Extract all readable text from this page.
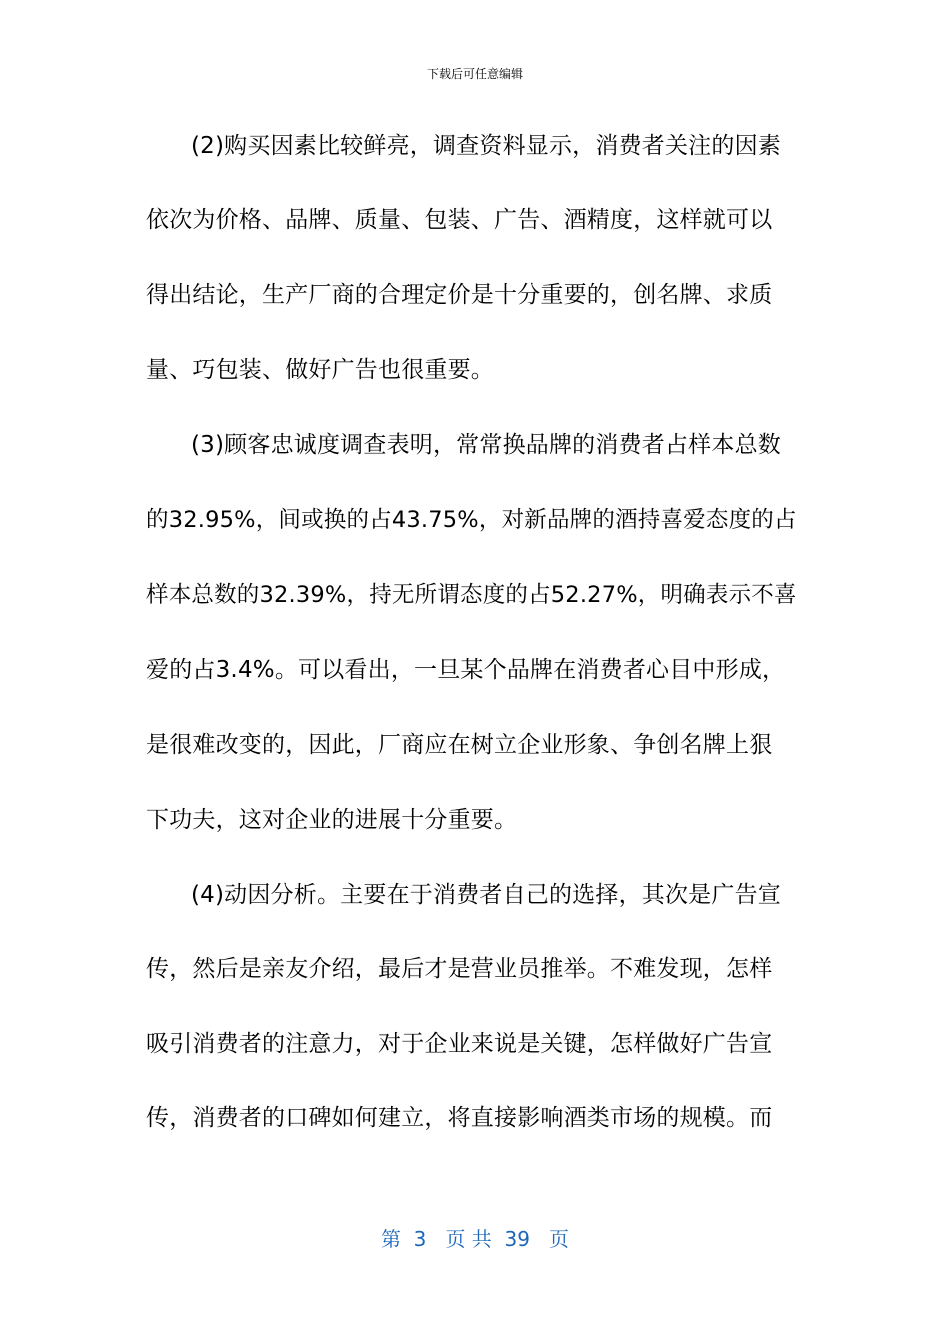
下载后可任意编辑
(2)购买因素比较鲜亮，调查资料显示，消费者关注的因素
依次为价格、品牌、质量、包装、广告、酒精度，这样就可以
得出结论，生产厂商的合理定价是十分重要的，创名牌、求质
量、巧包装、做好广告也很重要。
(3)顾客忠诚度调查表明，常常换品牌的消费者占样本总数
的32.95%，间或换的占43.75%，对新品牌的酒持喜爱态度的占
样本总数的32.39%，持无所谓态度的占52.27%，明确表示不喜
爱的占3.4%。可以看出，一旦某个品牌在消费者心目中形成，
是很难改变的，因此，厂商应在树立企业形象、争创名牌上狠
下功夫，这对企业的进展十分重要。
(4)动因分析。主要在于消费者自己的选择，其次是广告宣
传，然后是亲友介绍，最后才是营业员推举。不难发现，怎样
吸引消费者的注意力，对于企业来说是关键，怎样做好广告宣
传，消费者的口碑如何建立，将直接影响酒类市场的规模。而
第  3   页 共  39   页
